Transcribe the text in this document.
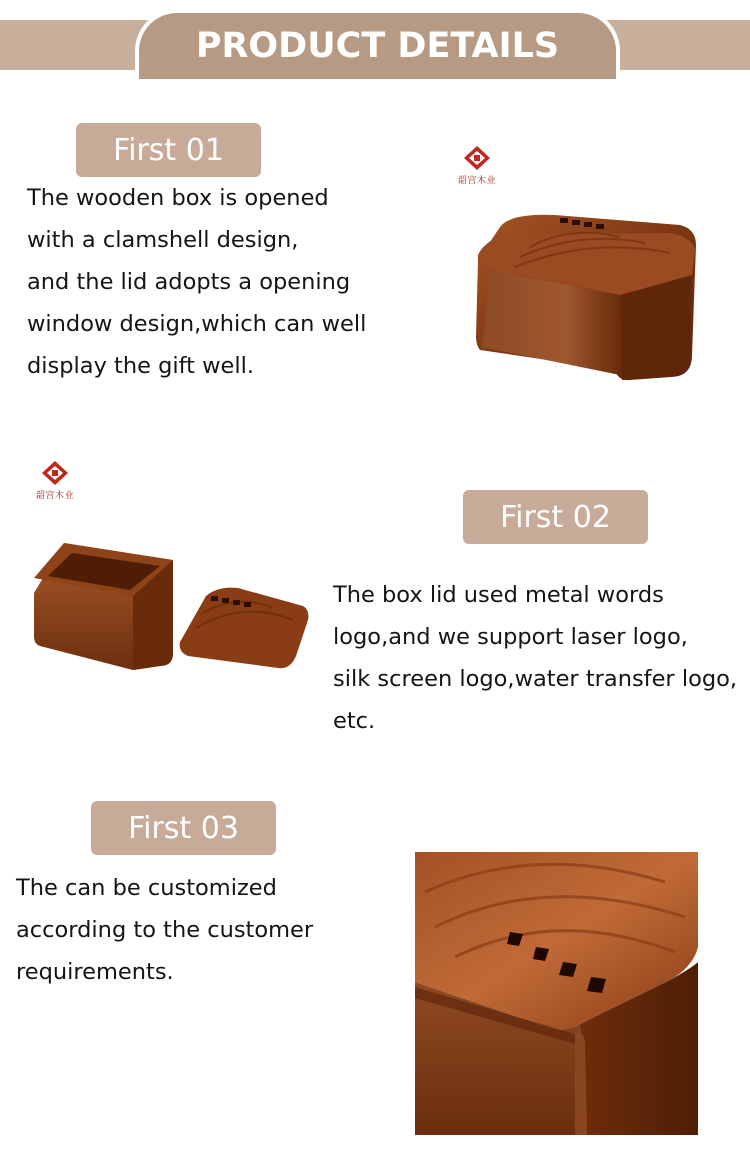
PRODUCT DETAILS
First 01
The wooden box is opened
with a clamshell design,
and the lid adopts a opening
window design,which can well
display the gift well.
韶宫木业
韶宫木业
First 02
The box lid used metal words
logo,and we support laser logo,
silk screen logo,water transfer logo,
etc.
First 03
The can be customized
according to the customer
requirements.
